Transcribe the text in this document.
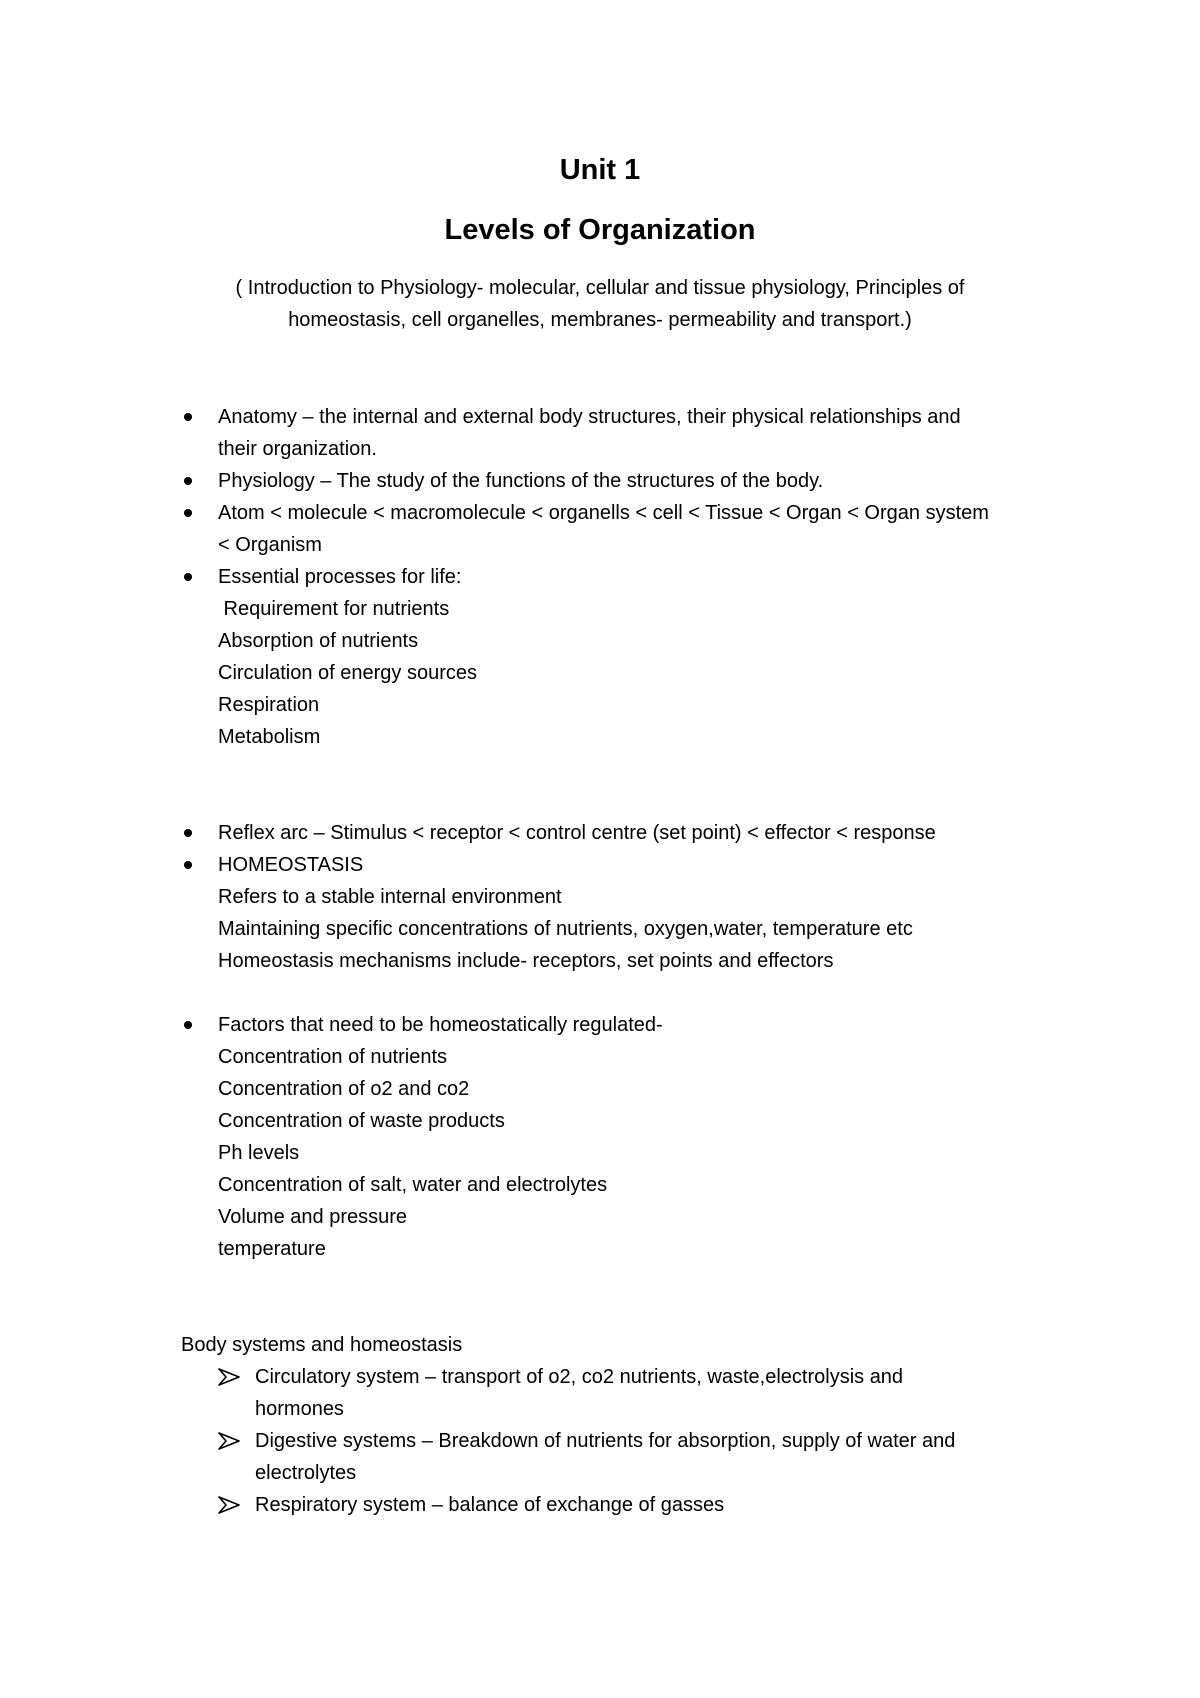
Unit 1
Levels of Organization
( Introduction to Physiology- molecular, cellular and tissue physiology, Principles of
homeostasis, cell organelles, membranes- permeability and transport.)
Anatomy – the internal and external body structures, their physical relationships and
their organization.
Physiology – The study of the functions of the structures of the body.
Atom < molecule < macromolecule < organells < cell < Tissue < Organ < Organ system
< Organism
Essential processes for life:
Requirement for nutrients
Absorption of nutrients
Circulation of energy sources
Respiration
Metabolism
Reflex arc – Stimulus < receptor < control centre (set point) < effector < response
HOMEOSTASIS
Refers to a stable internal environment
Maintaining specific concentrations of nutrients, oxygen,water, temperature etc
Homeostasis mechanisms include- receptors, set points and effectors
Factors that need to be homeostatically regulated-
Concentration of nutrients
Concentration of o2 and co2
Concentration of waste products
Ph levels
Concentration of salt, water and electrolytes
Volume and pressure
temperature
Body systems and homeostasis
Circulatory system – transport of o2, co2 nutrients, waste,electrolysis and
hormones
Digestive systems – Breakdown of nutrients for absorption, supply of water and
electrolytes
Respiratory system – balance of exchange of gasses
